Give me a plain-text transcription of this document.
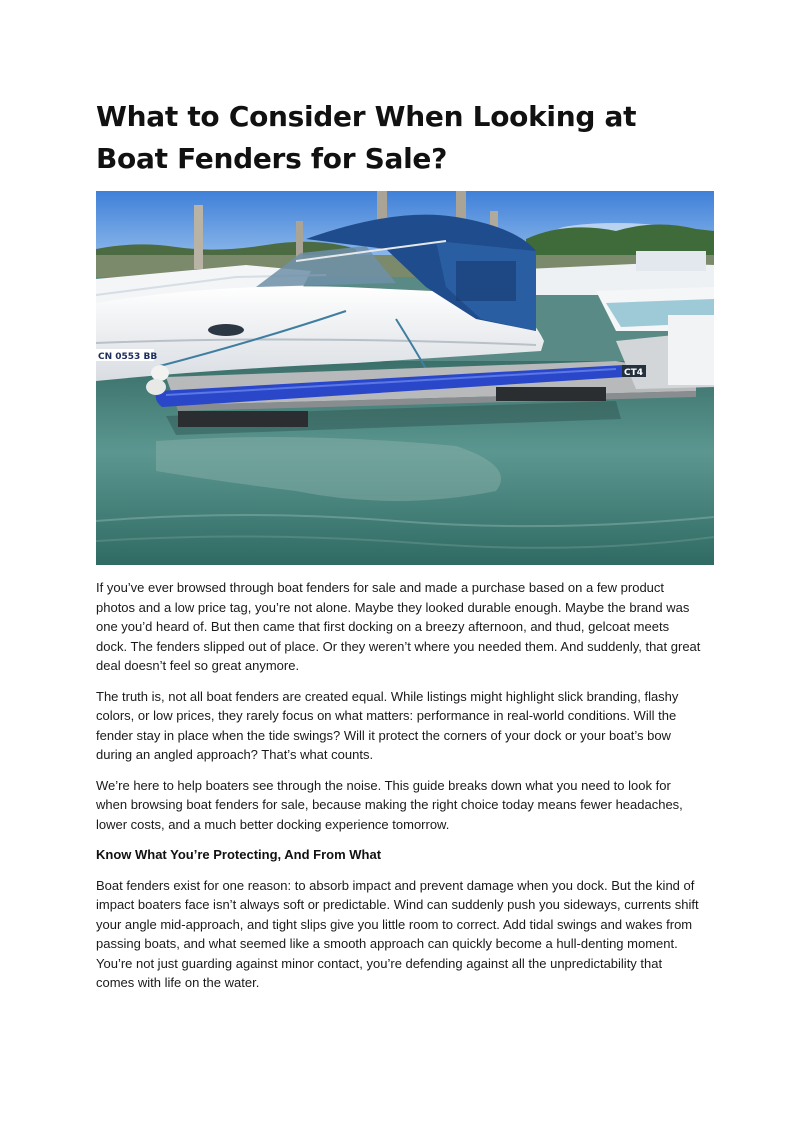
What to Consider When Looking at Boat Fenders for Sale?
CN 0553 BB
CT4

If you’ve ever browsed through boat fenders for sale and made a purchase based on a few product photos and a low price tag, you’re not alone. Maybe they looked durable enough. Maybe the brand was one you’d heard of. But then came that first docking on a breezy afternoon, and thud, gelcoat meets dock. The fenders slipped out of place. Or they weren’t where you needed them. And suddenly, that great deal doesn’t feel so great anymore.

The truth is, not all boat fenders are created equal. While listings might highlight slick branding, flashy colors, or low prices, they rarely focus on what matters: performance in real-world conditions. Will the fender stay in place when the tide swings? Will it protect the corners of your dock or your boat’s bow during an angled approach? That’s what counts.

We’re here to help boaters see through the noise. This guide breaks down what you need to look for when browsing boat fenders for sale, because making the right choice today means fewer headaches, lower costs, and a much better docking experience tomorrow.

Know What You’re Protecting, And From What

Boat fenders exist for one reason: to absorb impact and prevent damage when you dock. But the kind of impact boaters face isn’t always soft or predictable. Wind can suddenly push you sideways, currents shift your angle mid-approach, and tight slips give you little room to correct. Add tidal swings and wakes from passing boats, and what seemed like a smooth approach can quickly become a hull-denting moment. You’re not just guarding against minor contact, you’re defending against all the unpredictability that comes with life on the water.
